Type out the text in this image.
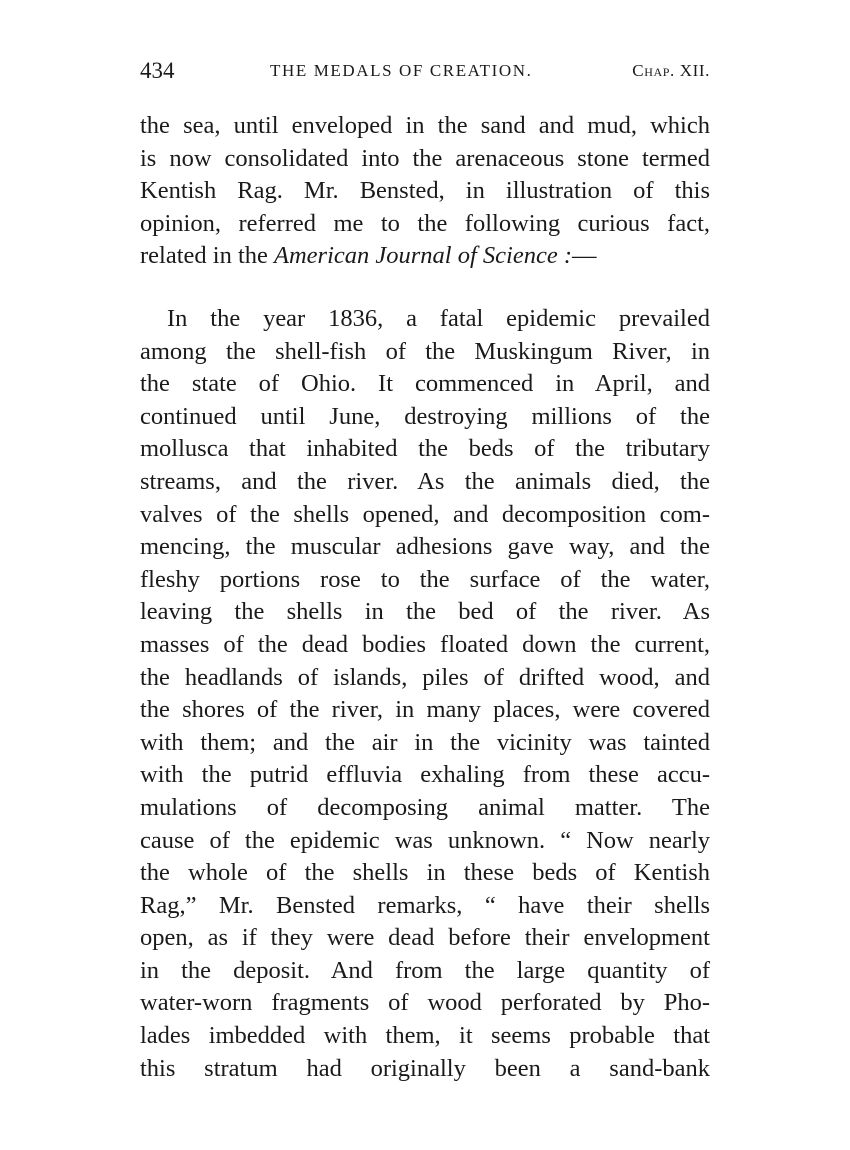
434	THE MEDALS OF CREATION.	Chap. XII.
the sea, until enveloped in the sand and mud, which
is now consolidated into the arenaceous stone termed
Kentish Rag. Mr. Bensted, in illustration of this
opinion, referred me to the following curious fact,
related in the American Journal of Science :—
In the year 1836, a fatal epidemic prevailed
among the shell-fish of the Muskingum River, in
the state of Ohio. It commenced in April, and
continued until June, destroying millions of the
mollusca that inhabited the beds of the tributary
streams, and the river. As the animals died, the
valves of the shells opened, and decomposition com-
mencing, the muscular adhesions gave way, and the
fleshy portions rose to the surface of the water,
leaving the shells in the bed of the river. As
masses of the dead bodies floated down the current,
the headlands of islands, piles of drifted wood, and
the shores of the river, in many places, were covered
with them; and the air in the vicinity was tainted
with the putrid effluvia exhaling from these accu-
mulations of decomposing animal matter. The
cause of the epidemic was unknown. “ Now nearly
the whole of the shells in these beds of Kentish
Rag,” Mr. Bensted remarks, “ have their shells
open, as if they were dead before their envelopment
in the deposit. And from the large quantity of
water-worn fragments of wood perforated by Pho-
lades imbedded with them, it seems probable that
this stratum had originally been a sand-bank
